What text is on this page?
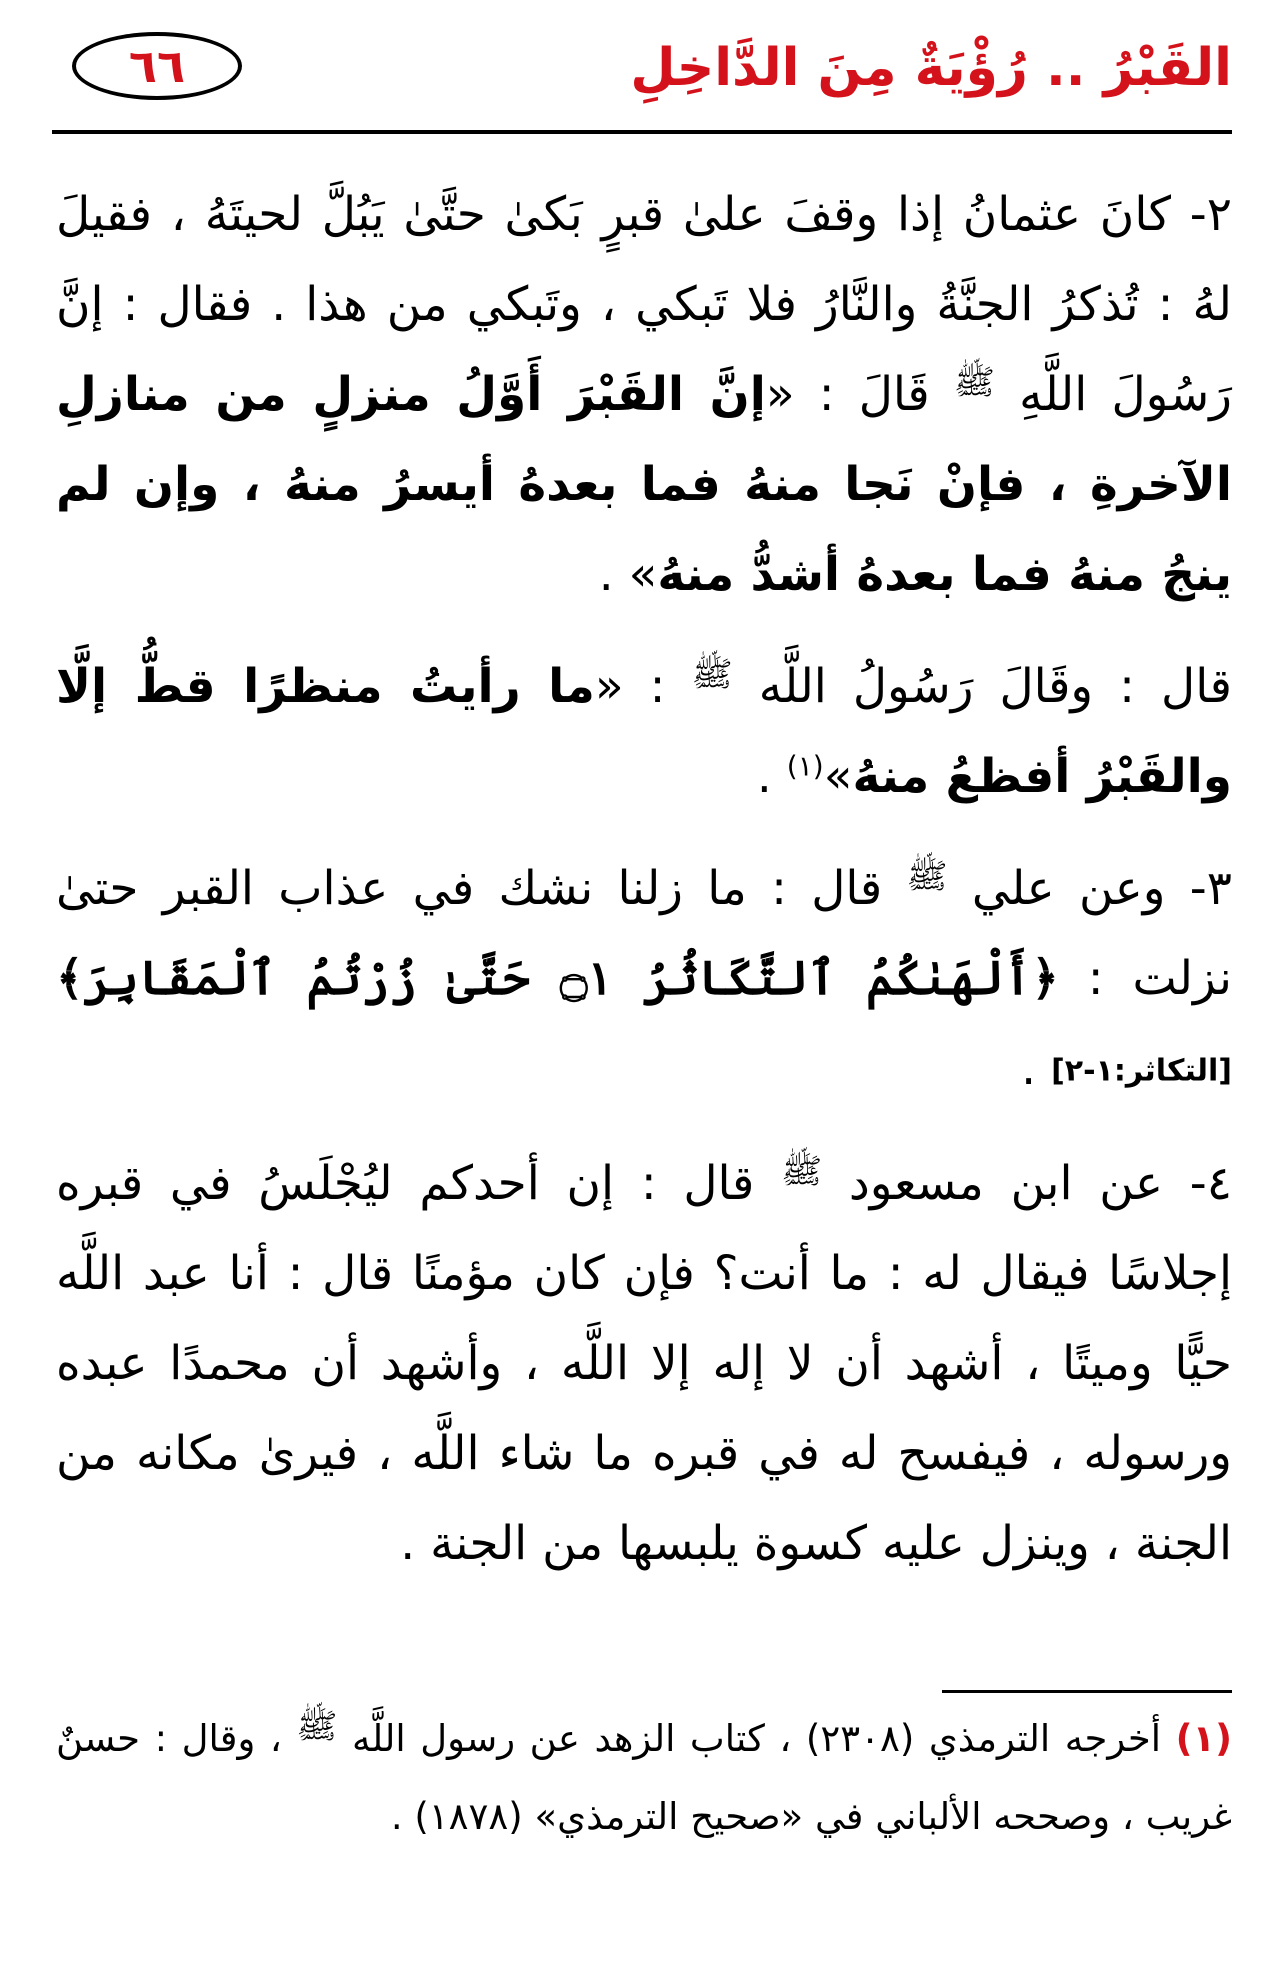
٦٦	القَبْرُ .. رُؤْيَةٌ مِنَ الدَّاخِلِ

٢- كانَ عثمانُ إذا وقفَ علىٰ قبرٍ بَكىٰ حتَّىٰ يَبُلَّ لحيتَهُ ، فقيلَ لهُ : تُذكرُ الجنَّةُ والنَّارُ فلا تَبكي ، وتَبكي من هذا . فقال : إنَّ رَسُولَ اللَّهِ $^ﷺ$ قَالَ : «إنَّ القَبْرَ أَوَّلُ منزلٍ من منازلِ الآخرةِ ، فإنْ نَجا منهُ فما بعدهُ أيسرُ منهُ ، وإن لم ينجُ منهُ فما بعدهُ أشدُّ منهُ» .

قال : وقَالَ رَسُولُ اللَّه $^ﷺ$ : «ما رأيتُ منظرًا قطُّ إلَّا والقَبْرُ أفظعُ منهُ»$^{(١)}$ .

٣- وعن علي $^ﷺ$ قال : ما زلنا نشك في عذاب القبر حتىٰ نزلت : ﴿أَلْهَىٰكُمُ ٱلتَّكَاثُرُ ۝١ حَتَّىٰ زُرْتُمُ ٱلْمَقَابِرَ﴾ [التكاثر:١-٢] .

٤- عن ابن مسعود $^ﷺ$ قال : إن أحدكم ليُجْلَسُ في قبره إجلاسًا فيقال له : ما أنت؟ فإن كان مؤمنًا قال : أنا عبد اللَّه حيًّا وميتًا ، أشهد أن لا إله إلا اللَّه ، وأشهد أن محمدًا عبده ورسوله ، فيفسح له في قبره ما شاء اللَّه ، فيرىٰ مكانه من الجنة ، وينزل عليه كسوة يلبسها من الجنة .

(١) أخرجه الترمذي (٢٣٠٨) ، كتاب الزهد عن رسول اللَّه ﷺ ، وقال : حسنٌ غريب ، وصححه الألباني في «صحيح الترمذي» (١٨٧٨) .
